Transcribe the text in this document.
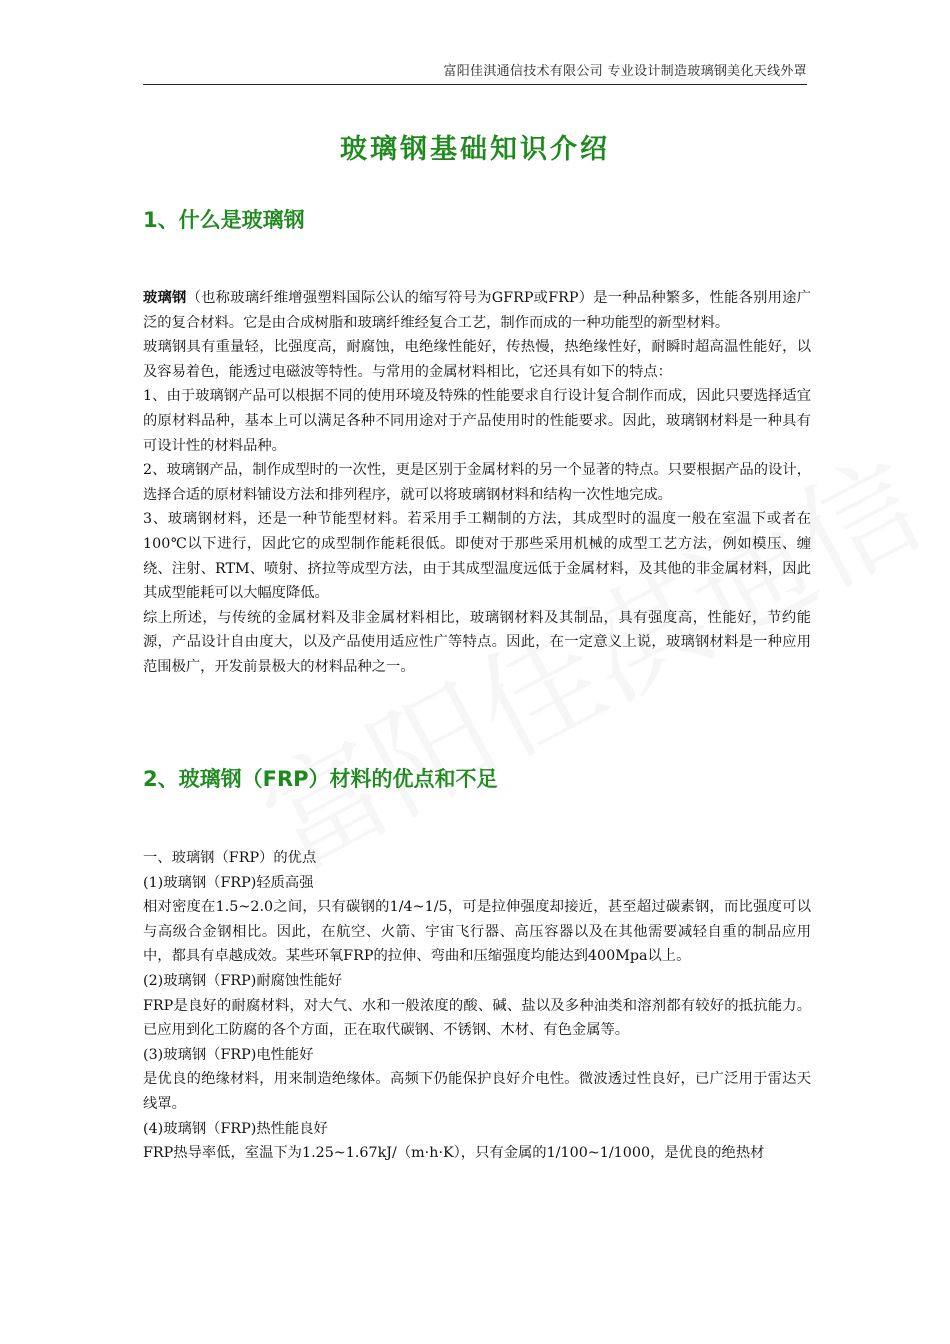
富阳佳淇通信技术有限公司 专业设计制造玻璃钢美化天线外罩
玻璃钢基础知识介绍
1、什么是玻璃钢

玻璃钢（也称玻璃纤维增强塑料国际公认的缩写符号为GFRP或FRP）是一种品种繁多，性能各别用途广泛的复合材料。它是由合成树脂和玻璃纤维经复合工艺，制作而成的一种功能型的新型材料。

玻璃钢具有重量轻，比强度高，耐腐蚀，电绝缘性能好，传热慢，热绝缘性好，耐瞬时超高温性能好，以及容易着色，能透过电磁波等特性。与常用的金属材料相比，它还具有如下的特点：

1、由于玻璃钢产品可以根据不同的使用环境及特殊的性能要求自行设计复合制作而成，因此只要选择适宜的原材料品种，基本上可以满足各种不同用途对于产品使用时的性能要求。因此，玻璃钢材料是一种具有可设计性的材料品种。

2、玻璃钢产品，制作成型时的一次性，更是区别于金属材料的另一个显著的特点。只要根据产品的设计，选择合适的原材料铺设方法和排列程序，就可以将玻璃钢材料和结构一次性地完成。

3、玻璃钢材料，还是一种节能型材料。若采用手工糊制的方法，其成型时的温度一般在室温下或者在100℃以下进行，因此它的成型制作能耗很低。即使对于那些采用机械的成型工艺方法，例如模压、缠绕、注射、RTM、喷射、挤拉等成型方法，由于其成型温度远低于金属材料，及其他的非金属材料，因此其成型能耗可以大幅度降低。

综上所述，与传统的金属材料及非金属材料相比，玻璃钢材料及其制品，具有强度高，性能好，节约能源，产品设计自由度大，以及产品使用适应性广等特点。因此，在一定意义上说，玻璃钢材料是一种应用范围极广，开发前景极大的材料品种之一。

2、玻璃钢（FRP）材料的优点和不足

一、玻璃钢（FRP）的优点

(1)玻璃钢（FRP)轻质高强

相对密度在1.5~2.0之间，只有碳钢的1/4~1/5，可是拉伸强度却接近，甚至超过碳素钢，而比强度可以与高级合金钢相比。因此，在航空、火箭、宇宙飞行器、高压容器以及在其他需要减轻自重的制品应用中，都具有卓越成效。某些环氧FRP的拉伸、弯曲和压缩强度均能达到400Mpa以上。

(2)玻璃钢（FRP)耐腐蚀性能好

FRP是良好的耐腐材料，对大气、水和一般浓度的酸、碱、盐以及多种油类和溶剂都有较好的抵抗能力。已应用到化工防腐的各个方面，正在取代碳钢、不锈钢、木材、有色金属等。

(3)玻璃钢（FRP)电性能好

是优良的绝缘材料，用来制造绝缘体。高频下仍能保护良好介电性。微波透过性良好，已广泛用于雷达天线罩。

(4)玻璃钢（FRP)热性能良好

FRP热导率低，室温下为1.25~1.67kJ/（m·h·K），只有金属的1/100~1/1000，是优良的绝热材
